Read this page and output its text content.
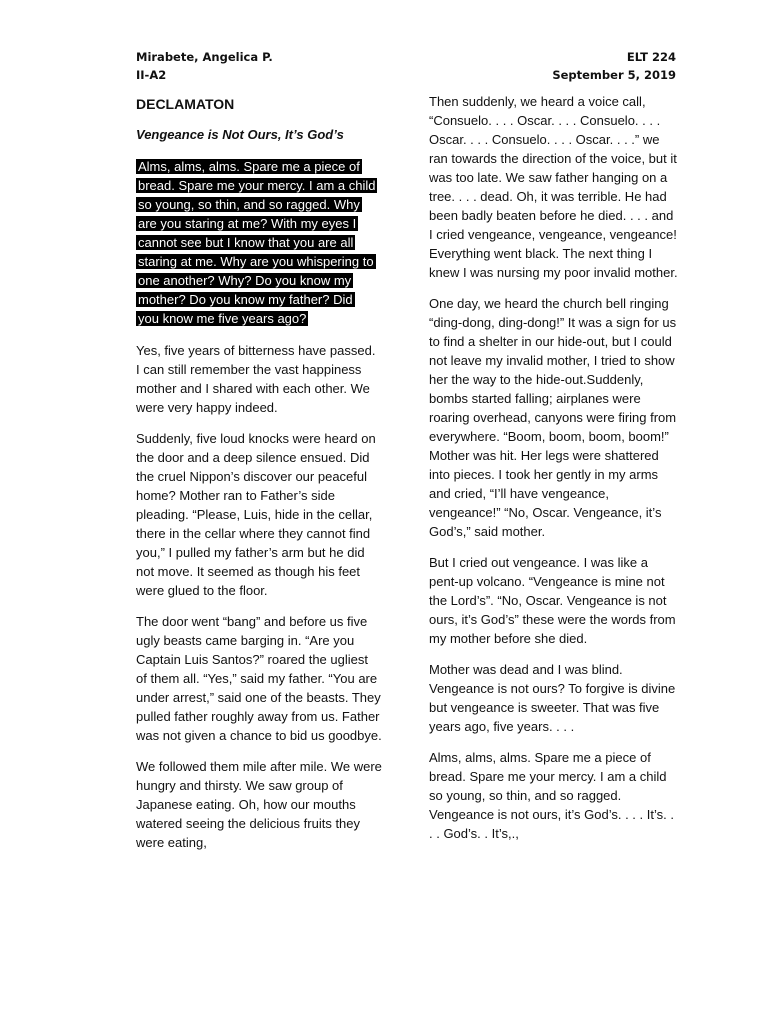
Mirabete, Angelica P.
II-A2
ELT 224
September 5, 2019
DECLAMATON
Vengeance is Not Ours, It’s God’s
Alms, alms, alms. Spare me a piece of bread. Spare me your mercy. I am a child so young, so thin, and so ragged. Why are you staring at me? With my eyes I cannot see but I know that you are all staring at me. Why are you whispering to one another? Why? Do you know my mother? Do you know my father? Did you know me five years ago?

Yes, five years of bitterness have passed. I can still remember the vast happiness mother and I shared with each other. We were very happy indeed.

Suddenly, five loud knocks were heard on the door and a deep silence ensued. Did the cruel Nippon’s discover our peaceful home? Mother ran to Father’s side pleading. “Please, Luis, hide in the cellar, there in the cellar where they cannot find you,” I pulled my father’s arm but he did not move. It seemed as though his feet were glued to the floor.

The door went “bang” and before us five ugly beasts came barging in. “Are you Captain Luis Santos?” roared the ugliest of them all. “Yes,” said my father. “You are under arrest,” said one of the beasts. They pulled father roughly away from us. Father was not given a chance to bid us goodbye.

We followed them mile after mile. We were hungry and thirsty. We saw group of Japanese eating. Oh, how our mouths watered seeing the delicious fruits they were eating,

Then suddenly, we heard a voice call, “Consuelo. . . . Oscar. . . . Consuelo. . . . Oscar. . . . Consuelo. . . . Oscar. . . .” we ran towards the direction of the voice, but it was too late. We saw father hanging on a tree. . . . dead. Oh, it was terrible. He had been badly beaten before he died. . . . and I cried vengeance, vengeance, vengeance! Everything went black. The next thing I knew I was nursing my poor invalid mother.

One day, we heard the church bell ringing “ding-dong, ding-dong!” It was a sign for us to find a shelter in our hide-out, but I could not leave my invalid mother, I tried to show her the way to the hide-out.Suddenly, bombs started falling; airplanes were roaring overhead, canyons were firing from everywhere. “Boom, boom, boom, boom!” Mother was hit. Her legs were shattered into pieces. I took her gently in my arms and cried, “I’ll have vengeance, vengeance!” “No, Oscar. Vengeance, it’s God’s,” said mother.

But I cried out vengeance. I was like a pent-up volcano. “Vengeance is mine not the Lord’s”. “No, Oscar. Vengeance is not ours, it’s God’s” these were the words from my mother before she died.

Mother was dead and I was blind. Vengeance is not ours? To forgive is divine but vengeance is sweeter. That was five years ago, five years. . . .

Alms, alms, alms. Spare me a piece of bread. Spare me your mercy. I am a child so young, so thin, and so ragged. Vengeance is not ours, it’s God’s. . . . It’s. . . . God’s. . It’s,.,
